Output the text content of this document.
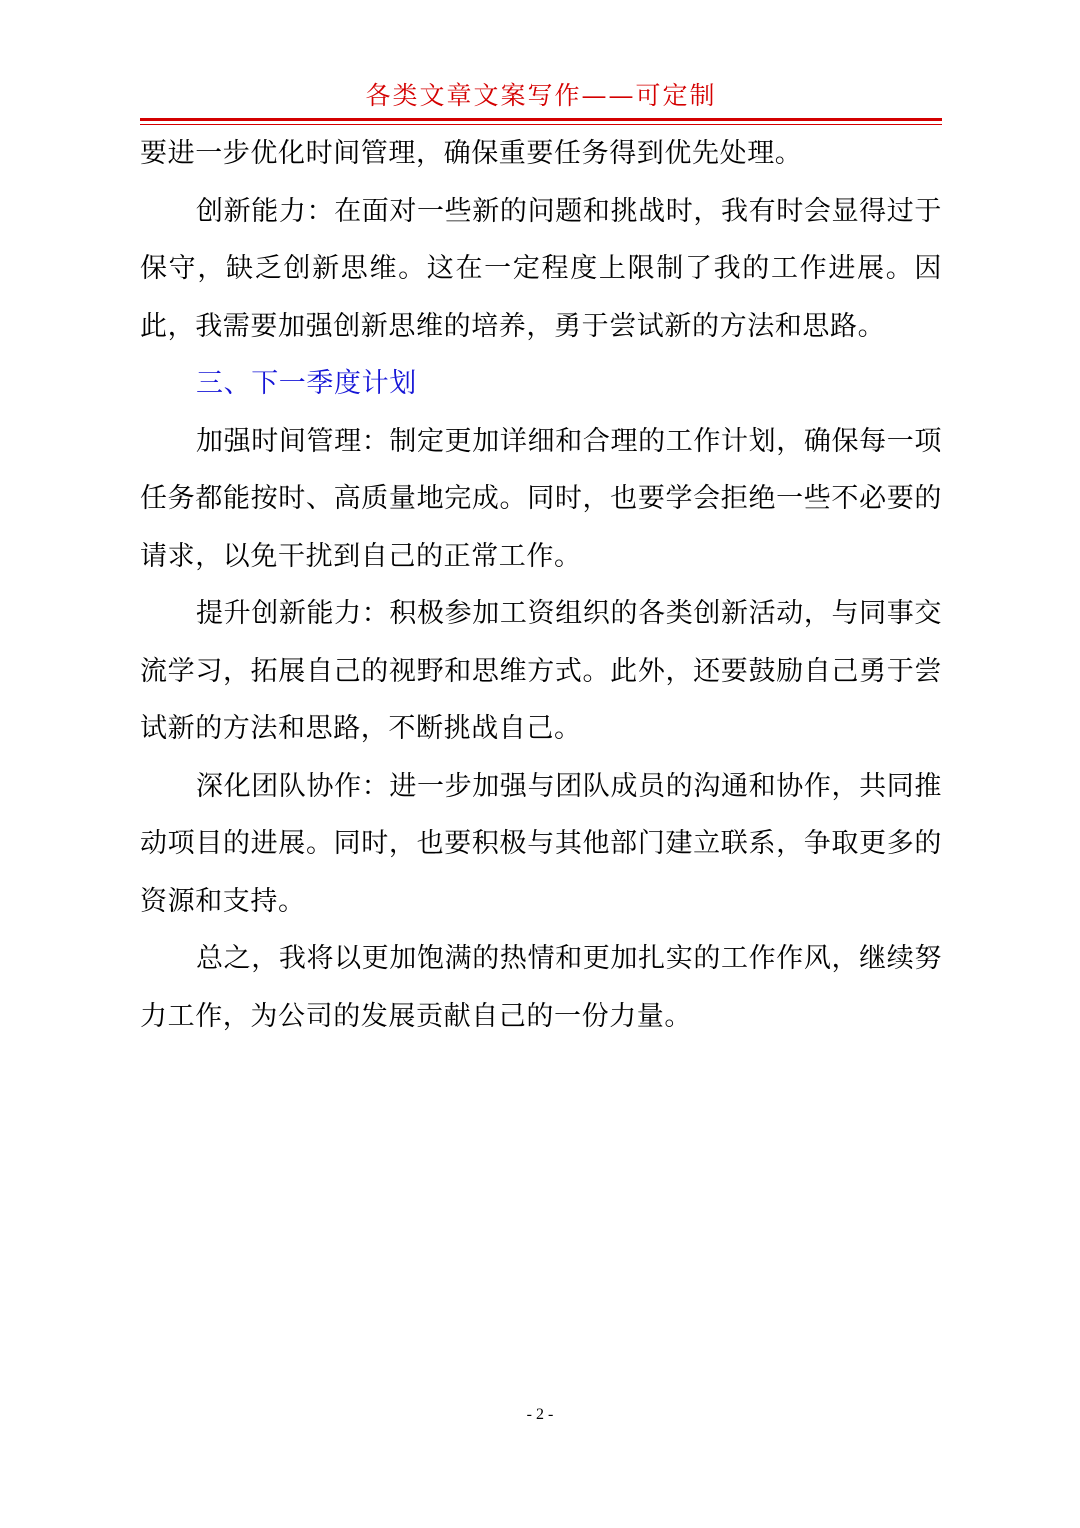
各类文章文案写作——可定制

要进一步优化时间管理，确保重要任务得到优先处理。

创新能力：在面对一些新的问题和挑战时，我有时会显得过于保守，缺乏创新思维。这在一定程度上限制了我的工作进展。因此，我需要加强创新思维的培养，勇于尝试新的方法和思路。

三、下一季度计划

加强时间管理：制定更加详细和合理的工作计划，确保每一项任务都能按时、高质量地完成。同时，也要学会拒绝一些不必要的请求，以免干扰到自己的正常工作。

提升创新能力：积极参加工资组织的各类创新活动，与同事交流学习，拓展自己的视野和思维方式。此外，还要鼓励自己勇于尝试新的方法和思路，不断挑战自己。

深化团队协作：进一步加强与团队成员的沟通和协作，共同推动项目的进展。同时，也要积极与其他部门建立联系，争取更多的资源和支持。

总之，我将以更加饱满的热情和更加扎实的工作作风，继续努力工作，为公司的发展贡献自己的一份力量。

- 2 -
